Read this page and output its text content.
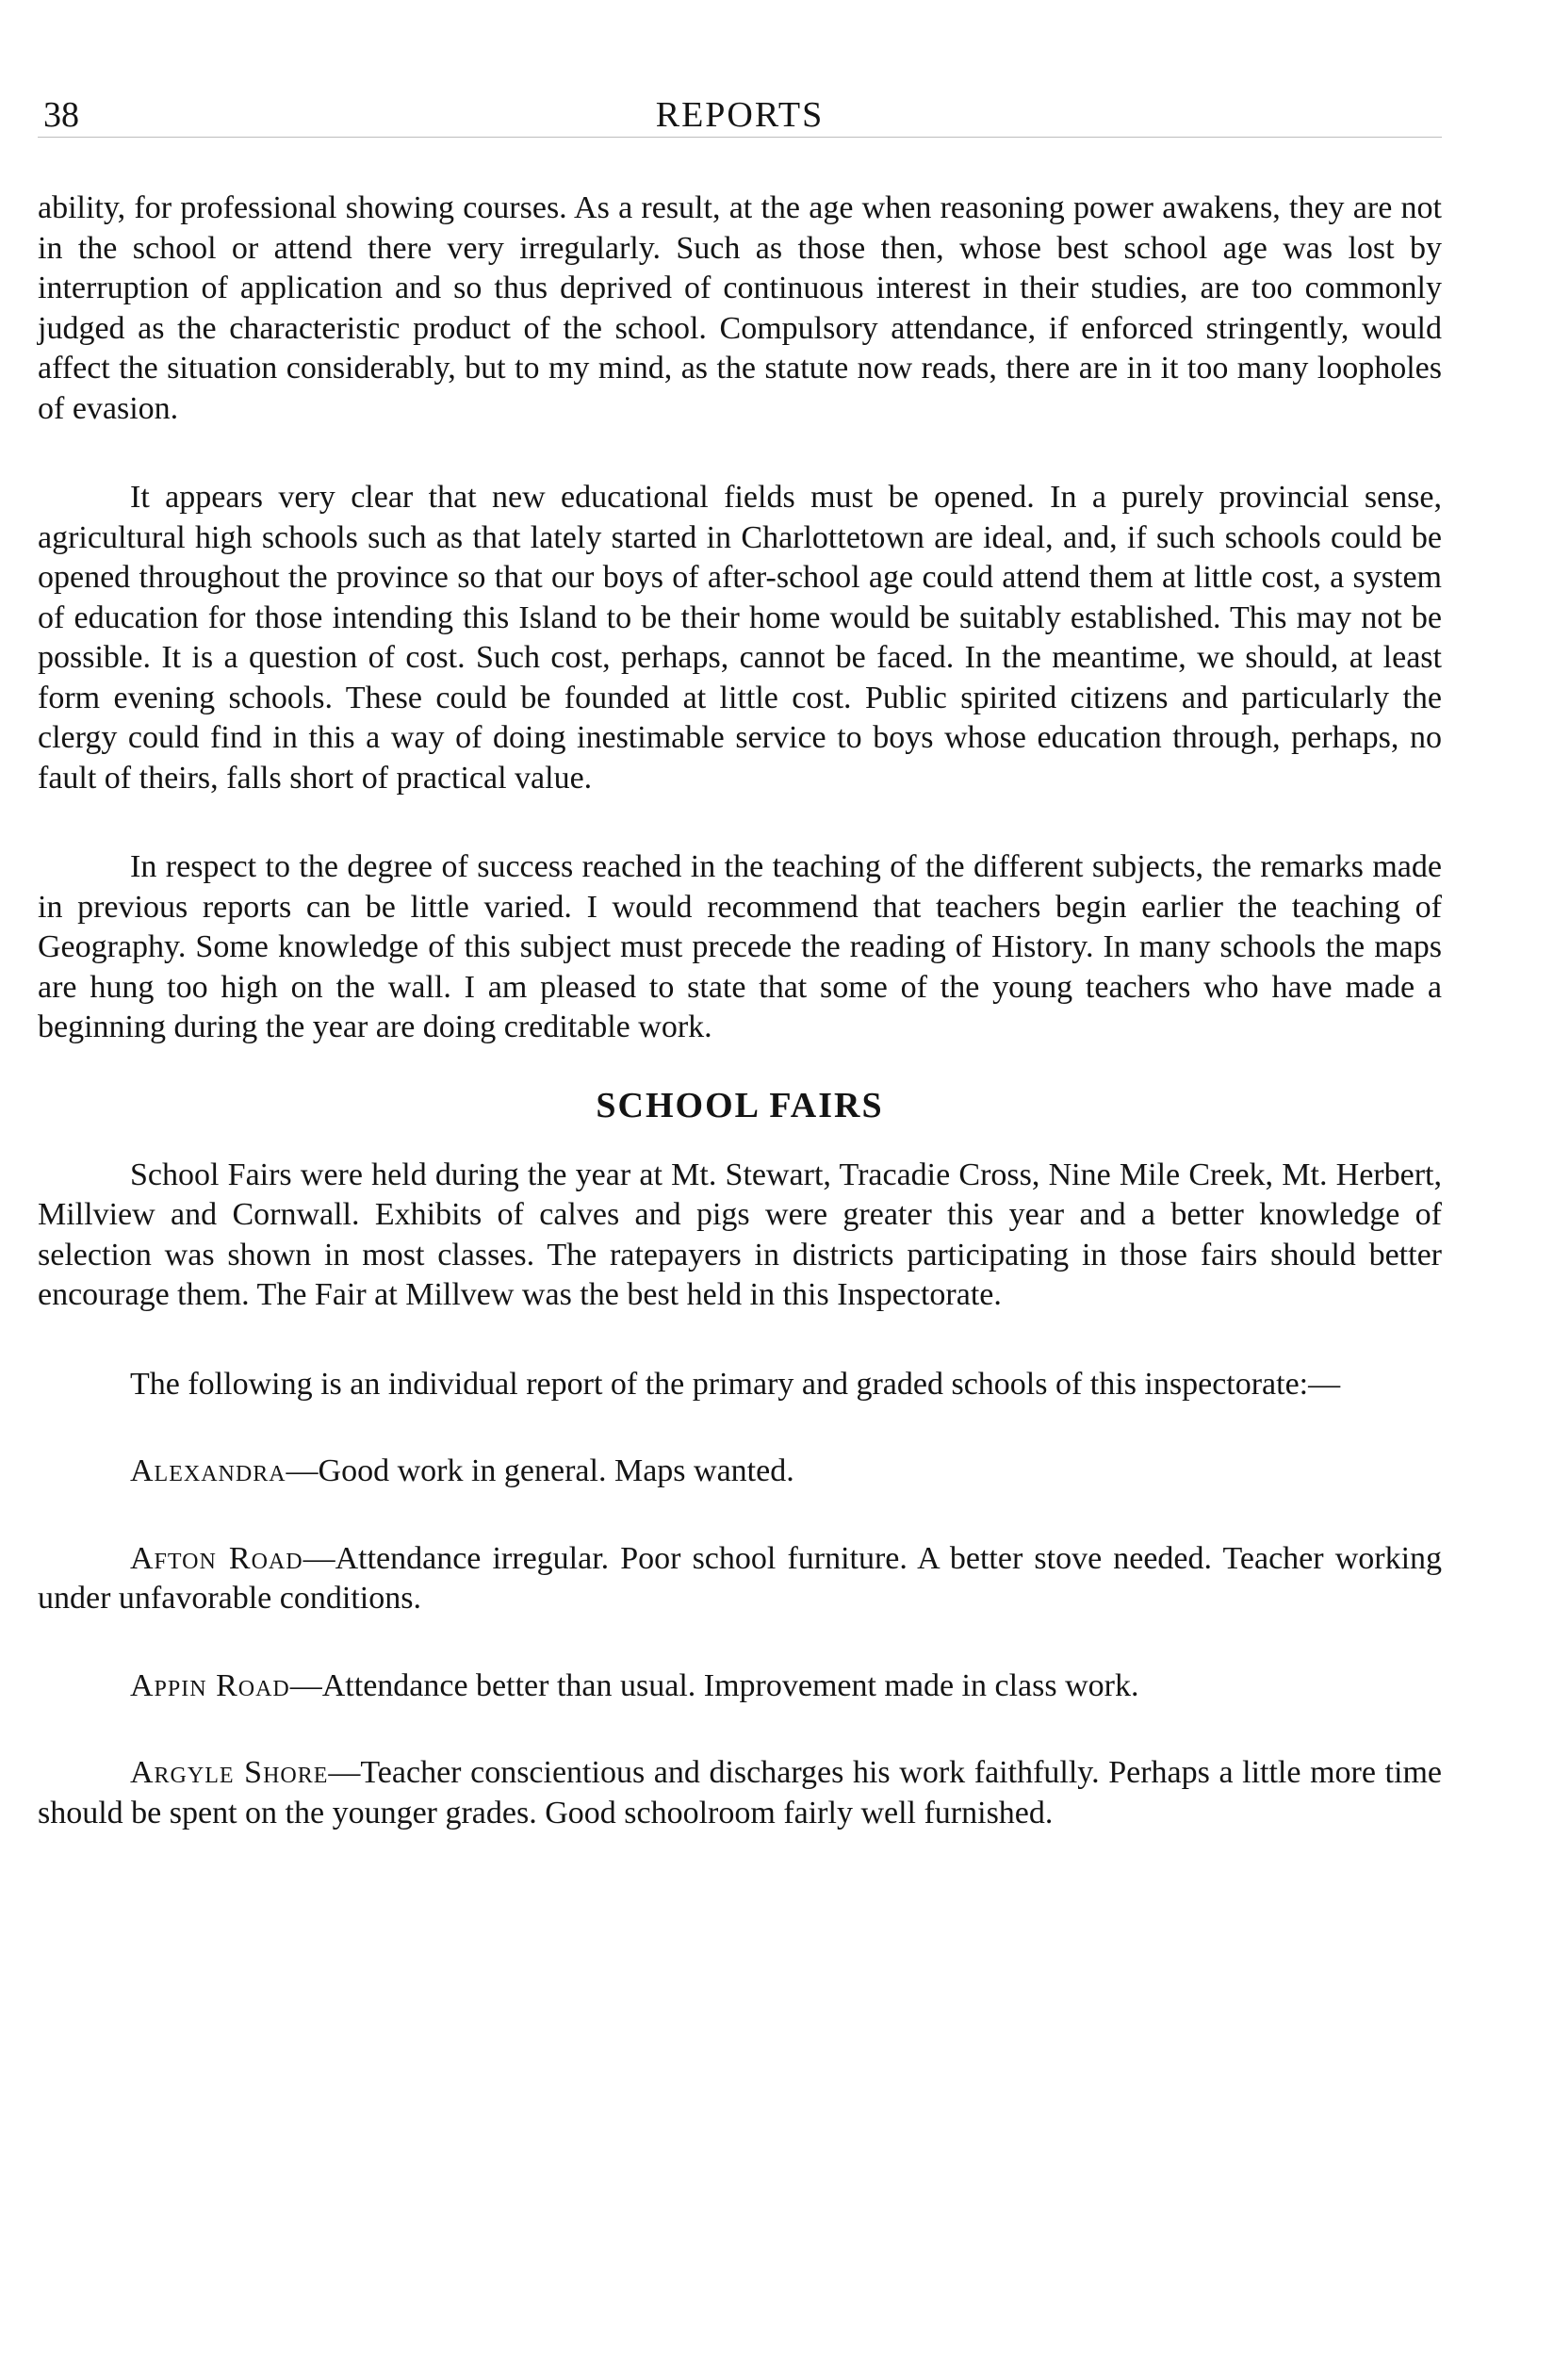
38	REPORTS

ability, for professional showing courses. As a result, at the age when reasoning power awakens, they are not in the school or attend there very irregularly. Such as those then, whose best school age was lost by interruption of application and so thus deprived of continuous interest in their studies, are too commonly judged as the characteristic product of the school. Compulsory attendance, if enforced stringently, would affect the situation considerably, but to my mind, as the statute now reads, there are in it too many loopholes of evasion.

It appears very clear that new educational fields must be opened. In a purely provincial sense, agricultural high schools such as that lately started in Charlottetown are ideal, and, if such schools could be opened throughout the province so that our boys of after-school age could attend them at little cost, a system of education for those intending this Island to be their home would be suitably established. This may not be possible. It is a question of cost. Such cost, perhaps, cannot be faced. In the meantime, we should, at least form evening schools. These could be founded at little cost. Public spirited citizens and particularly the clergy could find in this a way of doing inestimable service to boys whose education through, perhaps, no fault of theirs, falls short of practical value.

In respect to the degree of success reached in the teaching of the different subjects, the remarks made in previous reports can be little varied. I would recommend that teachers begin earlier the teaching of Geography. Some knowledge of this subject must precede the reading of History. In many schools the maps are hung too high on the wall. I am pleased to state that some of the young teachers who have made a beginning during the year are doing creditable work.

SCHOOL FAIRS

School Fairs were held during the year at Mt. Stewart, Tracadie Cross, Nine Mile Creek, Mt. Herbert, Millview and Cornwall. Exhibits of calves and pigs were greater this year and a better knowledge of selection was shown in most classes. The ratepayers in districts participating in those fairs should better encourage them. The Fair at Millvew was the best held in this Inspectorate.

The following is an individual report of the primary and graded schools of this inspectorate:—

Alexandra—Good work in general. Maps wanted.

Afton Road—Attendance irregular. Poor school furniture. A better stove needed. Teacher working under unfavorable conditions.

Appin Road—Attendance better than usual. Improvement made in class work.

Argyle Shore—Teacher conscientious and discharges his work faithfully. Perhaps a little more time should be spent on the younger grades. Good schoolroom fairly well furnished.
